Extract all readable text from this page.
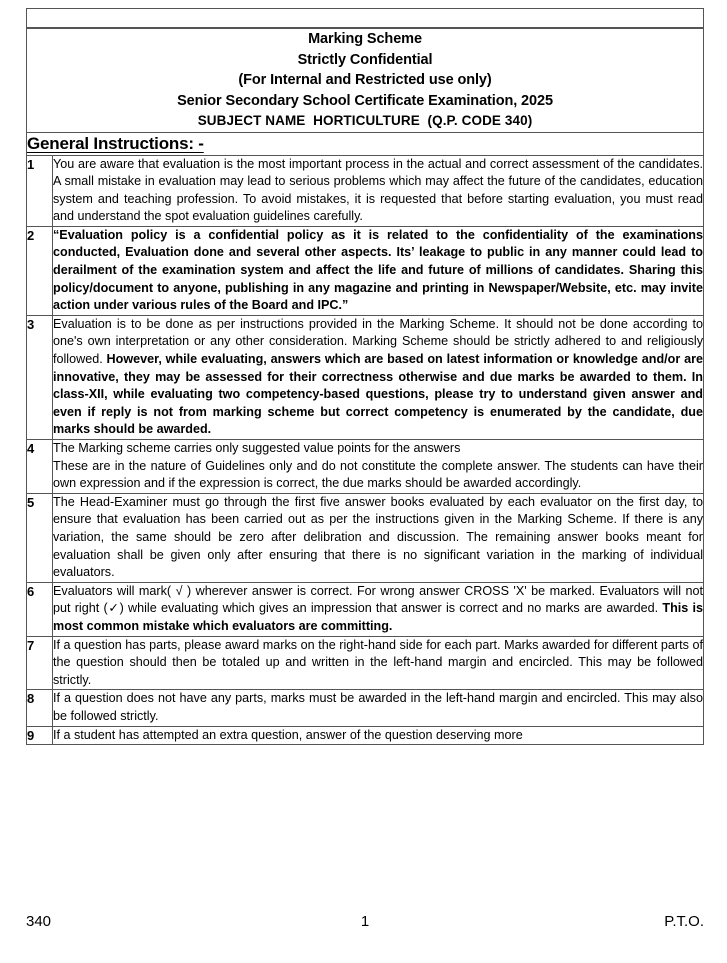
Marking Scheme
Strictly Confidential
(For Internal and Restricted use only)
Senior Secondary School Certificate Examination, 2025
SUBJECT NAME  HORTICULTURE  (Q.P. CODE 340)	

General Instructions: -	
1	You are aware that evaluation is the most important process in the actual and correct assessment of the candidates. A small mistake in evaluation may lead to serious problems which may affect the future of the candidates, education system and teaching profession. To avoid mistakes, it is requested that before starting evaluation, you must read and understand the spot evaluation guidelines carefully.

2	“Evaluation policy is a confidential policy as it is related to the confidentiality of the examinations conducted, Evaluation done and several other aspects. Its’ leakage to public in any manner could lead to derailment of the examination system and affect the life and future of millions of candidates. Sharing this policy/document to anyone, publishing in any magazine and printing in Newspaper/Website, etc. may invite action under various rules of the Board and IPC.”

3	Evaluation is to be done as per instructions provided in the Marking Scheme. It should not be done according to one's own interpretation or any other consideration. Marking Scheme should be strictly adhered to and religiously followed. However, while evaluating, answers which are based on latest information or knowledge and/or are innovative, they may be assessed for their correctness otherwise and due marks be awarded to them. In class-XII, while evaluating two competency-based questions, please try to understand given answer and even if reply is not from marking scheme but correct competency is enumerated by the candidate, due marks should be awarded.

4	The Marking scheme carries only suggested value points for the answers
These are in the nature of Guidelines only and do not constitute the complete answer. The students can have their own expression and if the expression is correct, the due marks should be awarded accordingly.

5	The Head-Examiner must go through the first five answer books evaluated by each evaluator on the first day, to ensure that evaluation has been carried out as per the instructions given in the Marking Scheme. If there is any variation, the same should be zero after delibration and discussion. The remaining answer books meant for evaluation shall be given only after ensuring that there is no significant variation in the marking of individual evaluators.

6	Evaluators will mark( √ ) wherever answer is correct. For wrong answer CROSS 'X' be marked. Evaluators will not put right (✓) while evaluating which gives an impression that answer is correct and no marks are awarded. This is most common mistake which evaluators are committing.

7	If a question has parts, please award marks on the right-hand side for each part. Marks awarded for different parts of the question should then be totaled up and written in the left-hand margin and encircled. This may be followed strictly.

8	If a question does not have any parts, marks must be awarded in the left-hand margin and encircled. This may also be followed strictly.

9	If a student has attempted an extra question, answer of the question deserving more
340	1	P.T.O.
